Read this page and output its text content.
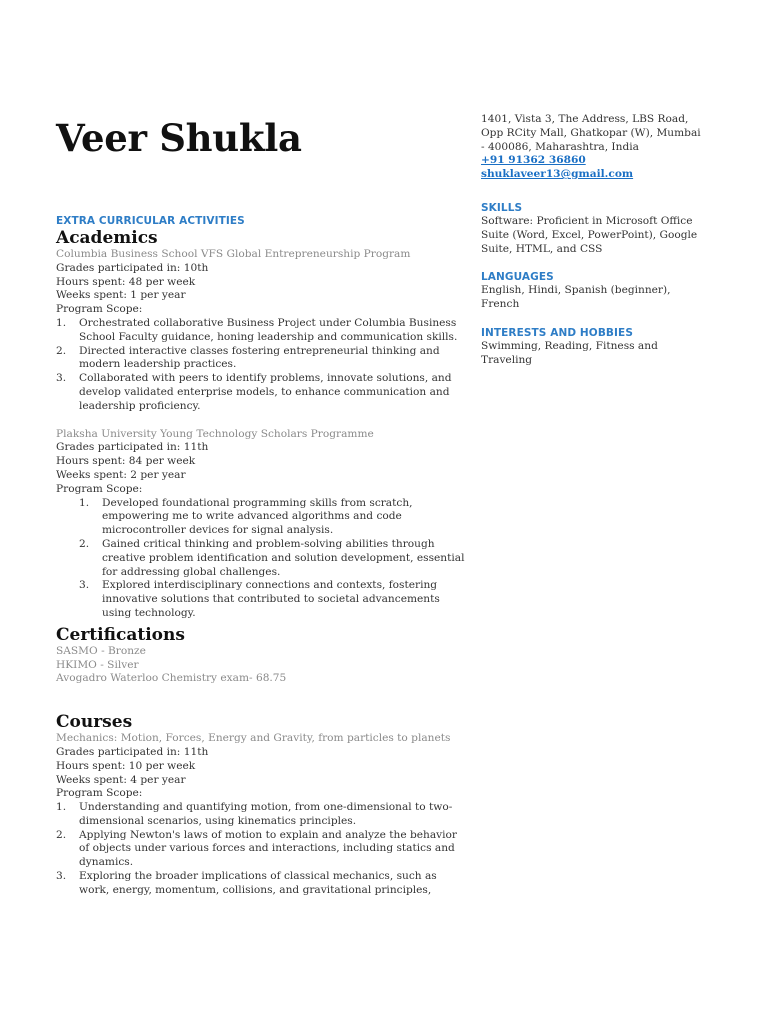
Veer Shukla
EXTRA CURRICULAR ACTIVITIES
Academics
Columbia Business School VFS Global Entrepreneurship Program
Grades participated in: 10th
Hours spent: 48 per week
Weeks spent: 1 per year
Program Scope:
1. Orchestrated collaborative Business Project under Columbia Business School Faculty guidance, honing leadership and communication skills.
2. Directed interactive classes fostering entrepreneurial thinking and modern leadership practices.
3. Collaborated with peers to identify problems, innovate solutions, and develop validated enterprise models, to enhance communication and leadership proficiency.
Plaksha University Young Technology Scholars Programme
Grades participated in: 11th
Hours spent: 84 per week
Weeks spent: 2 per year
Program Scope:
1. Developed foundational programming skills from scratch, empowering me to write advanced algorithms and code microcontroller devices for signal analysis.
2. Gained critical thinking and problem-solving abilities through creative problem identification and solution development, essential for addressing global challenges.
3. Explored interdisciplinary connections and contexts, fostering innovative solutions that contributed to societal advancements using technology.
Certifications
SASMO - Bronze
HKIMO - Silver
Avogadro Waterloo Chemistry exam- 68.75
Courses
Mechanics: Motion, Forces, Energy and Gravity, from particles to planets
Grades participated in: 11th
Hours spent: 10 per week
Weeks spent: 4 per year
Program Scope:
1. Understanding and quantifying motion, from one-dimensional to two-dimensional scenarios, using kinematics principles.
2. Applying Newton's laws of motion to explain and analyze the behavior of objects under various forces and interactions, including statics and dynamics.
3. Exploring the broader implications of classical mechanics, such as work, energy, momentum, collisions, and gravitational principles,
1401, Vista 3, The Address, LBS Road, Opp RCity Mall, Ghatkopar (W), Mumbai - 400086, Maharashtra, India
+91 91362 36860
shuklaveer13@gmail.com
SKILLS
Software: Proficient in Microsoft Office Suite (Word, Excel, PowerPoint), Google Suite, HTML, and CSS
LANGUAGES
English, Hindi, Spanish (beginner), French
INTERESTS AND HOBBIES
Swimming, Reading, Fitness and Traveling
